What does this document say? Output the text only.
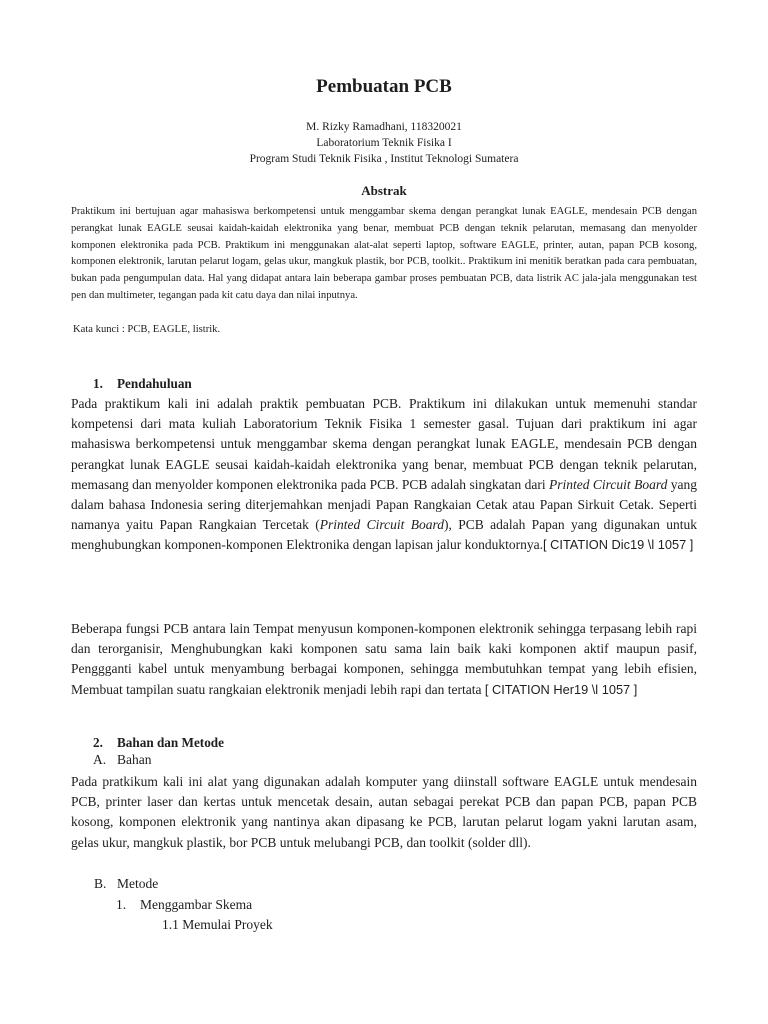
Pembuatan PCB
M. Rizky Ramadhani, 118320021
Laboratorium Teknik Fisika I
Program Studi Teknik Fisika , Institut Teknologi Sumatera
Abstrak

Praktikum ini bertujuan agar mahasiswa berkompetensi untuk menggambar skema dengan perangkat lunak EAGLE, mendesain PCB dengan perangkat lunak EAGLE seusai kaidah-kaidah elektronika yang benar, membuat PCB dengan teknik pelarutan, memasang dan menyolder komponen elektronika pada PCB. Praktikum ini menggunakan alat-alat seperti laptop, software EAGLE, printer, autan, papan PCB kosong, komponen elektronik, larutan pelarut logam, gelas ukur, mangkuk plastik, bor PCB, toolkit.. Praktikum ini menitik beratkan pada cara pembuatan, bukan pada pengumpulan data. Hal yang didapat antara lain beberapa gambar proses pembuatan PCB, data listrik AC jala-jala menggunakan test pen dan multimeter, tegangan pada kit catu daya dan nilai inputnya.

Kata kunci : PCB, EAGLE, listrik.

1. Pendahuluan

Pada praktikum kali ini adalah praktik pembuatan PCB. Praktikum ini dilakukan untuk memenuhi standar kompetensi dari mata kuliah Laboratorium Teknik Fisika 1 semester gasal. Tujuan dari praktikum ini agar mahasiswa berkompetensi untuk menggambar skema dengan perangkat lunak EAGLE, mendesain PCB dengan perangkat lunak EAGLE seusai kaidah-kaidah elektronika yang benar, membuat PCB dengan teknik pelarutan, memasang dan menyolder komponen elektronika pada PCB. PCB adalah singkatan dari Printed Circuit Board yang dalam bahasa Indonesia sering diterjemahkan menjadi Papan Rangkaian Cetak atau Papan Sirkuit Cetak. Seperti namanya yaitu Papan Rangkaian Tercetak (Printed Circuit Board), PCB adalah Papan yang digunakan untuk menghubungkan komponen-komponen Elektronika dengan lapisan jalur konduktornya.[ CITATION Dic19 \l 1057 ]

Beberapa fungsi PCB antara lain Tempat menyusun komponen-komponen elektronik sehingga terpasang lebih rapi dan terorganisir, Menghubungkan kaki komponen satu sama lain baik kaki komponen aktif maupun pasif, Penggganti kabel untuk menyambung berbagai komponen, sehingga membutuhkan tempat yang lebih efisien, Membuat tampilan suatu rangkaian elektronik menjadi lebih rapi dan tertata [ CITATION Her19 \l 1057 ]

2. Bahan dan Metode

A. Bahan

Pada pratkikum kali ini alat yang digunakan adalah komputer yang diinstall software EAGLE untuk mendesain PCB, printer laser dan kertas untuk mencetak desain, autan sebagai perekat PCB dan papan PCB, papan PCB kosong, komponen elektronik yang nantinya akan dipasang ke PCB, larutan pelarut logam yakni larutan asam, gelas ukur, mangkuk plastik, bor PCB untuk melubangi PCB, dan toolkit (solder dll).

B. Metode

1. Menggambar Skema

1.1 Memulai Proyek
